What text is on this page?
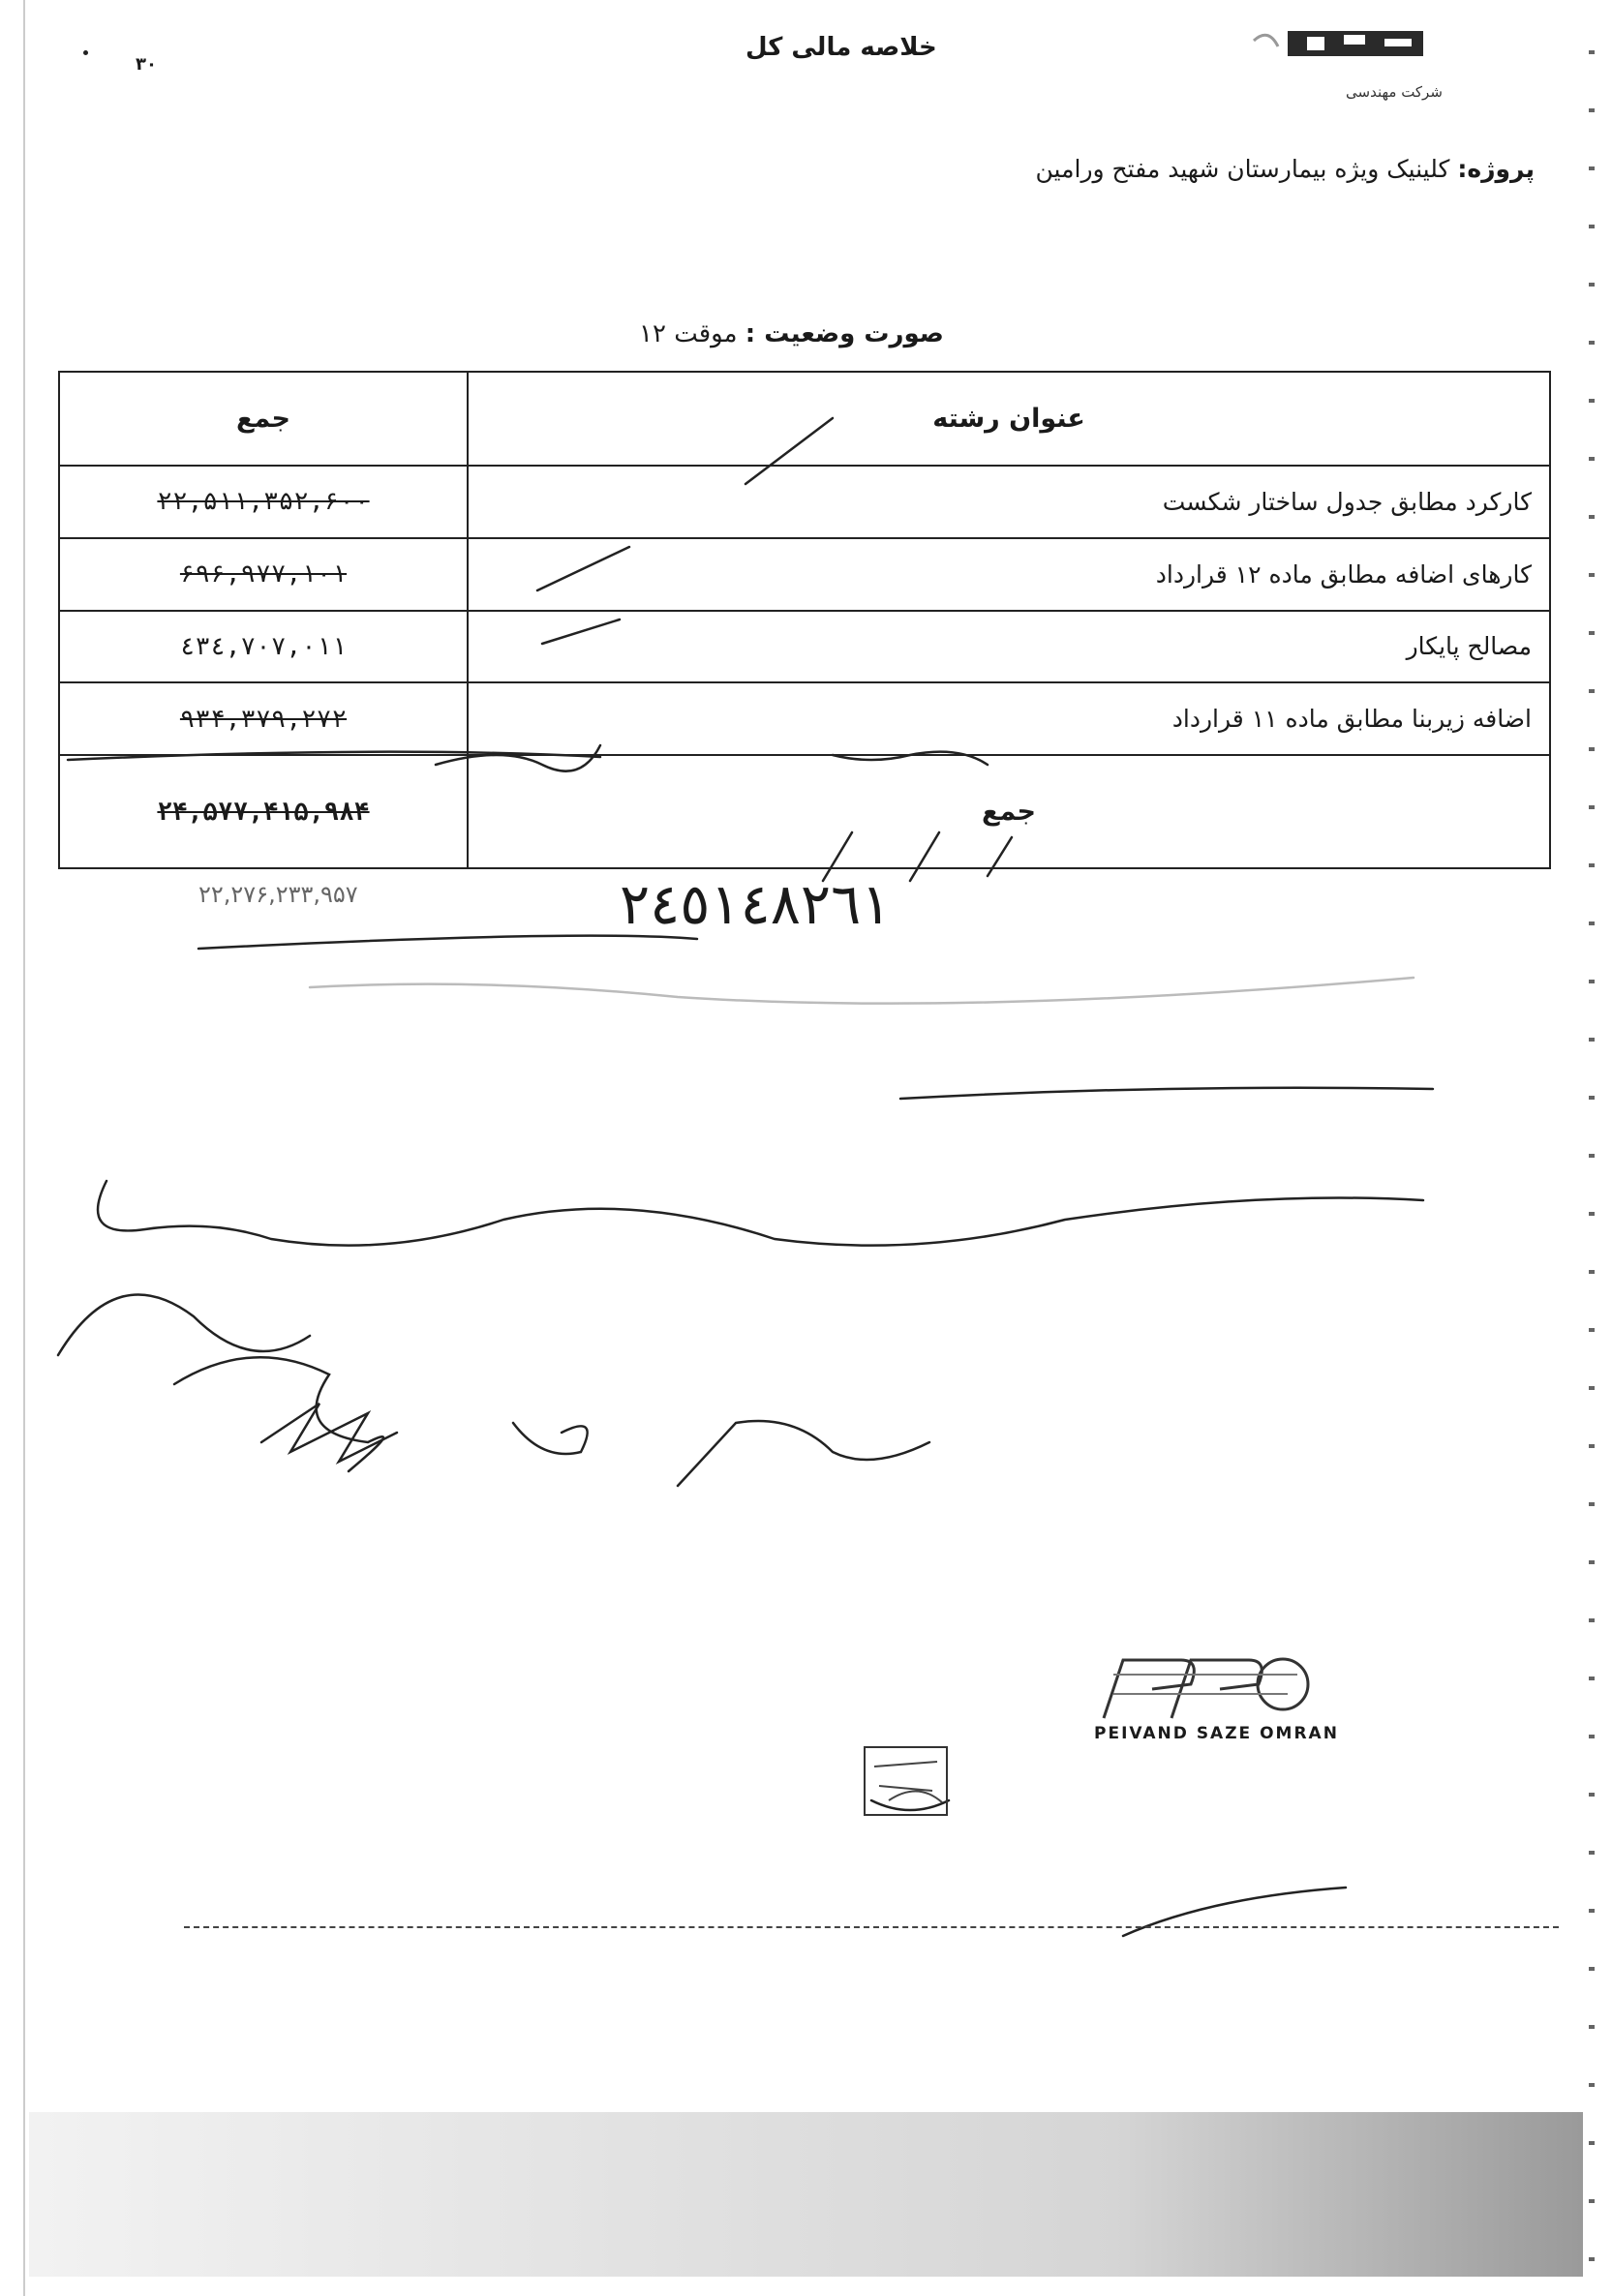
۳۰
خلاصه مالی کل
شرکت مهندسی
پروژه: کلینیک ویژه بیمارستان شهید مفتح ورامین
صورت وضعیت : موقت ۱۲
عنوان رشته	جمع
کارکرد مطابق جدول ساختار شکست	۲۲,۵۱۱,۳۵۲,۶۰۰
کارهای اضافه مطابق ماده ۱۲ قرارداد	۶۹۶,۹۷۷,۱۰۱
مصالح پایکار	٤٣٤,٧٠٧,٠١١
اضافه زیربنا مطابق ماده ۱۱ قرارداد	۹۳۴,۳۷۹,۲۷۲
جمع	۲۴,۵۷۷,۴۱۵,۹۸۴
۲۲,۲۷۶,۲۳۳,۹۵۷	٢٤٥١٤٨٢٦١
PEIVAND SAZE OMRAN
